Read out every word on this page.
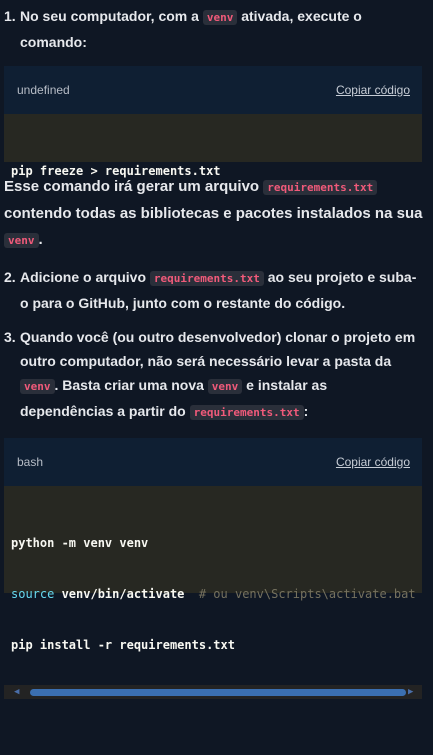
1. No seu computador, com a venv ativada, execute o comando:
undefined	Copiar código

pip freeze > requirements.txt

Esse comando irá gerar um arquivo requirements.txt contendo todas as bibliotecas e pacotes instalados na sua venv .
2. Adicione o arquivo requirements.txt ao seu projeto e suba-o para o GitHub, junto com o restante do código.
3. Quando você (ou outro desenvolvedor) clonar o projeto em outro computador, não será necessário levar a pasta da venv . Basta criar uma nova venv e instalar as dependências a partir do requirements.txt :
bash	Copiar código

python -m venv venv

source venv/bin/activate  # ou venv\Scripts\activate.bat

pip install -r requirements.txt

◀

	▶
